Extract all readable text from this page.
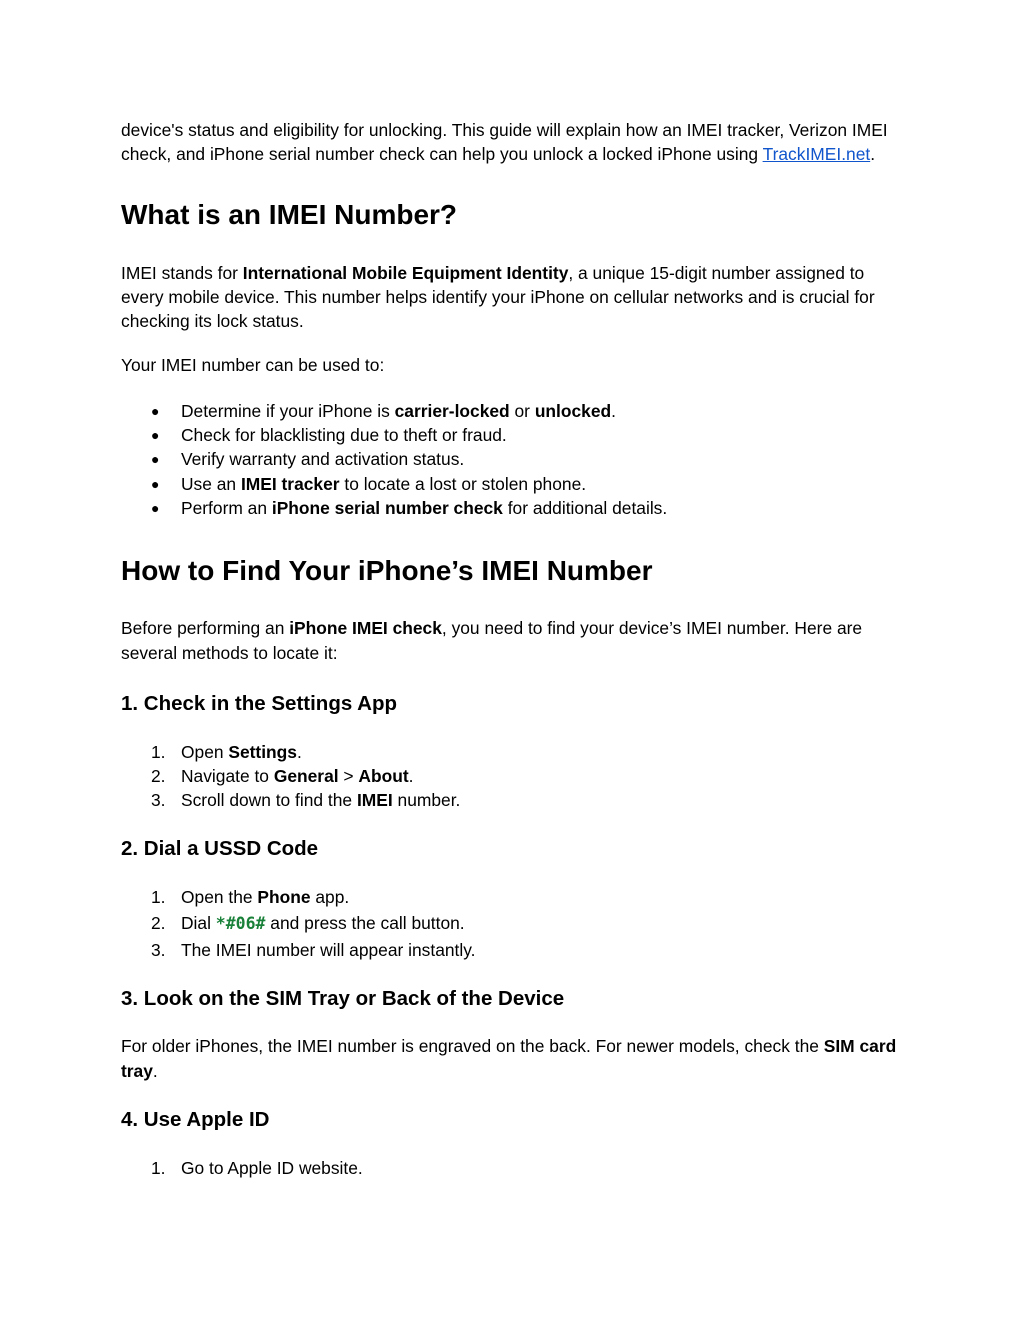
device's status and eligibility for unlocking. This guide will explain how an IMEI tracker, Verizon IMEI check, and iPhone serial number check can help you unlock a locked iPhone using TrackIMEI.net.

What is an IMEI Number?

IMEI stands for International Mobile Equipment Identity, a unique 15-digit number assigned to every mobile device. This number helps identify your iPhone on cellular networks and is crucial for checking its lock status.

Your IMEI number can be used to:

● Determine if your iPhone is carrier-locked or unlocked.
● Check for blacklisting due to theft or fraud.
● Verify warranty and activation status.
● Use an IMEI tracker to locate a lost or stolen phone.
● Perform an iPhone serial number check for additional details.
How to Find Your iPhone’s IMEI Number

Before performing an iPhone IMEI check, you need to find your device’s IMEI number. Here are several methods to locate it:

1. Check in the Settings App
1. Open Settings.
2. Navigate to General > About.
3. Scroll down to find the IMEI number.
2. Dial a USSD Code
1. Open the Phone app.
2. Dial *#06# and press the call button.
3. The IMEI number will appear instantly.
3. Look on the SIM Tray or Back of the Device

For older iPhones, the IMEI number is engraved on the back. For newer models, check the SIM card tray.

4. Use Apple ID
1. Go to Apple ID website.
